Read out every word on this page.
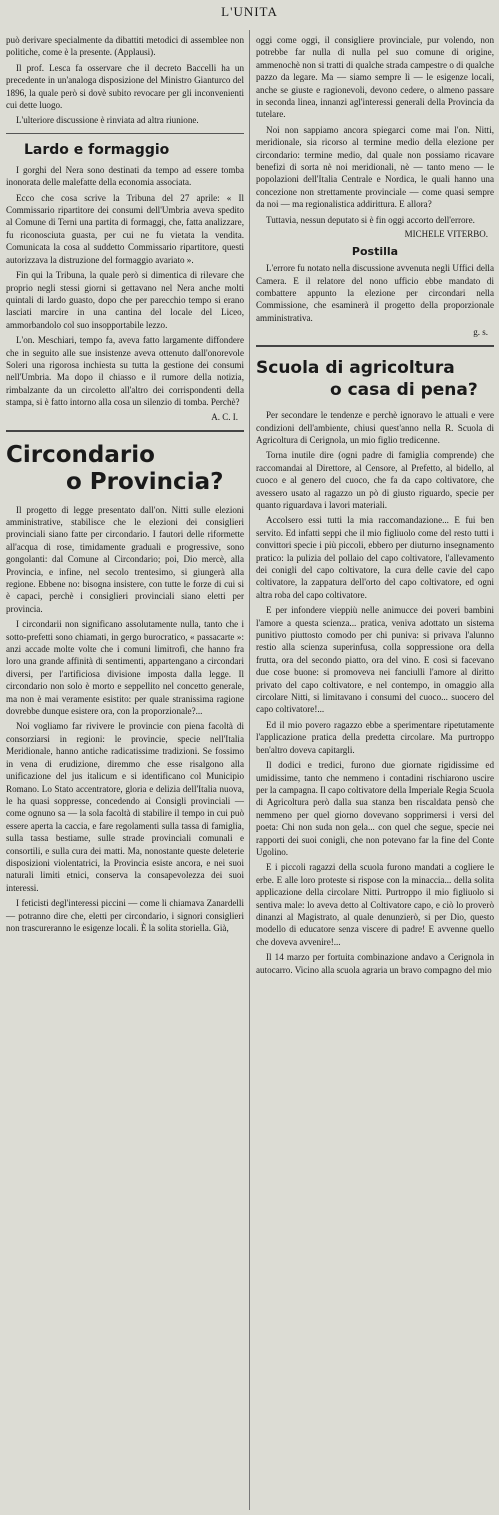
L'UNITA

può derivare specialmente da dibattiti metodici di assemblee non politiche, come è la presente. (Applausi).

Il prof. Lesca fa osservare che il decreto Baccelli ha un precedente in un'analoga disposizione del Ministro Gianturco del 1896, la quale però si dovè subito revocare per gli inconvenienti cui dette luogo.

L'ulteriore discussione è rinviata ad altra riunione.

Lardo e formaggio

I gorghi del Nera sono destinati da tempo ad essere tomba inonorata delle malefatte della economia associata.

Ecco che cosa scrive la Tribuna del 27 aprile: « Il Commissario ripartitore dei consumi dell'Umbria aveva spedito al Comune di Terni una partita di formaggi, che, fatta analizzare, fu riconosciuta guasta, per cui ne fu vietata la vendita. Comunicata la cosa al suddetto Commissario ripartitore, questi autorizzava la distruzione del formaggio avariato ».

Fin qui la Tribuna, la quale però si dimentica di rilevare che proprio negli stessi giorni si gettavano nel Nera anche molti quintali di lardo guasto, dopo che per parecchio tempo si erano lasciati marcire in una cantina del locale del Liceo, ammorbandolo col suo insopportabile lezzo.

L'on. Meschiari, tempo fa, aveva fatto largamente diffondere che in seguito alle sue insistenze aveva ottenuto dall'onorevole Soleri una rigorosa inchiesta su tutta la gestione dei consumi nell'Umbria. Ma dopo il chiasso e il rumore della notizia, rimbalzante da un circoletto all'altro dei corrispondenti della stampa, si è fatto intorno alla cosa un silenzio di tomba. Perchè?

A. C. I.
Circondario
o Provincia?

Il progetto di legge presentato dall'on. Nitti sulle elezioni amministrative, stabilisce che le elezioni dei consiglieri provinciali siano fatte per circondario. I fautori delle riformette all'acqua di rose, timidamente graduali e progressive, sono gongolanti: dal Comune al Circondario; poi, Dio mercè, alla Provincia, e infine, nel secolo trentesimo, si giungerà alla regione. Ebbene no: bisogna insistere, con tutte le forze di cui si è capaci, perchè i consiglieri provinciali siano eletti per provincia.

I circondarii non significano assolutamente nulla, tanto che i sotto-prefetti sono chiamati, in gergo burocratico, « passacarte »: anzi accade molte volte che i comuni limitrofi, che hanno fra loro una grande affinità di sentimenti, appartengano a circondari diversi, per l'artificiosa divisione imposta dalla legge. Il circondario non solo è morto e seppellito nel concetto generale, ma non è mai veramente esistito: per quale stranissima ragione dovrebbe dunque esistere ora, con la proporzionale?...

Noi vogliamo far rivivere le provincie con piena facoltà di consorziarsi in regioni: le provincie, specie nell'Italia Meridionale, hanno antiche radicatissime tradizioni. Se fossimo in vena di erudizione, diremmo che esse risalgono alla unificazione del jus italicum e si identificano col Municipio Romano. Lo Stato accentratore, gloria e delizia dell'Italia nuova, le ha quasi soppresse, concedendo ai Consigli provinciali — come ognuno sa — la sola facoltà di stabilire il tempo in cui può essere aperta la caccia, e fare regolamenti sulla tassa di famiglia, sulla tassa bestiame, sulle strade provinciali comunali e consortili, e sulla cura dei matti. Ma, nonostante queste deleterie disposizioni violentatrici, la Provincia esiste ancora, e nei suoi naturali limiti etnici, conserva la consapevolezza dei suoi interessi.

I feticisti degl'interessi piccini — come li chiamava Zanardelli — potranno dire che, eletti per circondario, i signori consiglieri non trascureranno le esigenze locali. È la solita storiella. Già,

oggi come oggi, il consigliere provinciale, pur volendo, non potrebbe far nulla di nulla pel suo comune di origine, ammenochè non si tratti di qualche strada campestre o di qualche pazzo da legare. Ma — siamo sempre lì — le esigenze locali, anche se giuste e ragionevoli, devono cedere, o almeno passare in seconda linea, innanzi agl'interessi generali della Provincia da tutelare.

Noi non sappiamo ancora spiegarci come mai l'on. Nitti, meridionale, sia ricorso al termine medio della elezione per circondario: termine medio, dal quale non possiamo ricavare benefizi di sorta nè noi meridionali, nè — tanto meno — le popolazioni dell'Italia Centrale e Nordica, le quali hanno una concezione non strettamente provinciale — come quasi sempre da noi — ma regionalistica addirittura. E allora?

Tuttavia, nessun deputato si è fin oggi accorto dell'errore.

MICHELE VITERBO.
Postilla

L'errore fu notato nella discussione avvenuta negli Uffici della Camera. E il relatore del nono ufficio ebbe mandato di combattere appunto la elezione per circondari nella Commissione, che esaminerà il progetto della proporzionale amministrativa.

g. s.
Scuola di agricoltura
o casa di pena?

Per secondare le tendenze e perchè ignoravo le attuali e vere condizioni dell'ambiente, chiusi quest'anno nella R. Scuola di Agricoltura di Cerignola, un mio figlio tredicenne.

Torna inutile dire (ogni padre di famiglia comprende) che raccomandai al Direttore, al Censore, al Prefetto, al bidello, al cuoco e al genero del cuoco, che fa da capo coltivatore, che avessero usato al ragazzo un pò di giusto riguardo, specie per quanto riguardava i lavori materiali.

Accolsero essi tutti la mia raccomandazione... E fui ben servito. Ed infatti seppi che il mio figliuolo come del resto tutti i convittori specie i più piccoli, ebbero per diuturno insegnamento pratico: la pulizia del pollaio del capo coltivatore, l'allevamento dei conigli del capo coltivatore, la cura delle cavie del capo coltivatore, la zappatura dell'orto del capo coltivatore, ed ogni altra roba del capo coltivatore.

E per infondere vieppiù nelle animucce dei poveri bambini l'amore a questa scienza... pratica, veniva adottato un sistema punitivo piuttosto comodo per chi puniva: si privava l'alunno restio alla scienza superinfusa, colla soppressione ora della frutta, ora del secondo piatto, ora del vino. E così si facevano due cose buone: si promoveva nei fanciulli l'amore al diritto privato del capo coltivatore, e nel contempo, in omaggio alla circolare Nitti, si limitavano i consumi del cuoco... suocero del capo coltivatore!...

Ed il mio povero ragazzo ebbe a sperimentare ripetutamente l'applicazione pratica della predetta circolare. Ma purtroppo ben'altro doveva capitargli.

Il dodici e tredici, furono due giornate rigidissime ed umidissime, tanto che nemmeno i contadini rischiarono uscire per la campagna. Il capo coltivatore della Imperiale Regia Scuola di Agricoltura però dalla sua stanza ben riscaldata pensò che nemmeno per quel giorno dovevano sopprimersi i versi del poeta: Chi non suda non gela... con quel che segue, specie nei rapporti dei suoi conigli, che non potevano far la fine del Conte Ugolino.

E i piccoli ragazzi della scuola furono mandati a cogliere le erbe. E alle loro proteste si rispose con la minaccia... della solita applicazione della circolare Nitti. Purtroppo il mio figliuolo si sentiva male: lo aveva detto al Coltivatore capo, e ciò lo proverò dinanzi al Magistrato, al quale denunzierò, si per Dio, questo modello di educatore senza viscere di padre! E avvenne quello che doveva avvenire!...

Il 14 marzo per fortuita combinazione andavo a Cerignola in autocarro. Vicino alla scuola agraria un bravo compagno del mio
